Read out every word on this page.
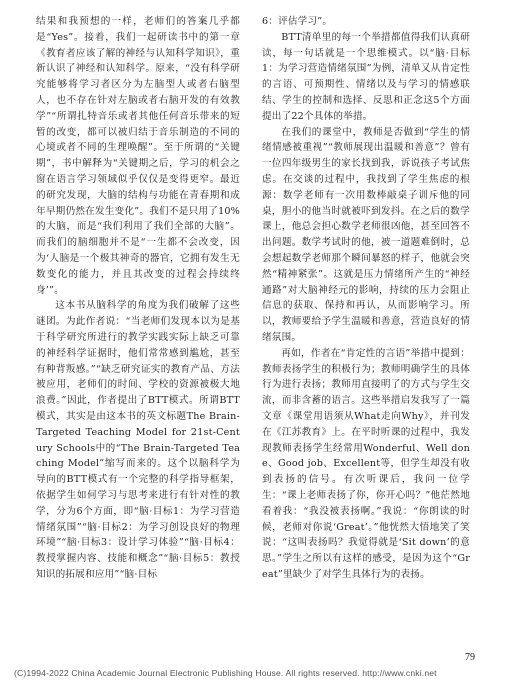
结果和我预想的一样，老师们的答案几乎都是“Yes”。接着，我们一起研读书中的第一章《教育者应该了解的神经与认知科学知识》，重新认识了神经和认知科学。原来，“没有科学研究能够将学习者区分为左脑型人或者右脑型人，也不存在针对左脑或者右脑开发的有效教学”“所谓扎特音乐或者其他任何音乐带来的短暂的改变，都可以被归结于音乐制造的不同的心境或者不同的生理唤醒”。至于所谓的“关键期”，书中解释为“关键期之后，学习的机会之窗在语言学习领域似乎仅仅是变得更窄。最近的研究发现，大脑的结构与功能在青春期和成年早期仍然在发生变化”。我们不是只用了10%的大脑，而是“我们利用了我们全部的大脑”。而我们的脑细胞并不是“一生都不会改变，因为‘人脑是一个极其神奇的器官，它拥有发生无数变化的能力，并且其改变的过程会持续终身’”。

这本书从脑科学的角度为我们破解了这些谜团。为此作者说：“当老师们发现本以为是基于科学研究所进行的教学实践实际上缺乏可靠的神经科学证据时，他们常常感到尴尬，甚至有种背叛感。”“缺乏研究证实的教育产品、方法被应用，老师们的时间、学校的资源被极大地浪费。”因此，作者提出了BTT模式。所谓BTT模式，其实是由这本书的英文标题The Brain-Targeted Teaching Model for 21st-Century Schools中的“The Brain-Targeted Teaching Model”缩写而来的。这个以脑科学为导向的BTT模式有一个完整的科学指导框架，依据学生如何学习与思考来进行有针对性的教学，分为6个方面，即“脑·目标1：为学习营造情绪氛围”“脑·目标2：为学习创设良好的物理环境”“脑·目标3：设计学习体验”“脑·目标4：教授掌握内容、技能和概念”“脑·目标5：教授知识的拓展和应用”“脑·目标

6：评估学习”。

BTT清单里的每一个举措都值得我们认真研读，每一句话就是一个思维模式。以“脑·目标1：为学习营造情绪氛围”为例，清单又从肯定性的言语、可预期性、情绪以及与学习的情感联结、学生的控制和选择、反思和正念这5个方面提出了22个具体的举措。

在我们的课堂中，教师是否做到“学生的情绪情感被重视”“教师展现出温暖和善意”？曾有一位四年级男生的家长找到我，诉说孩子考试焦虑。在交谈的过程中，我找到了学生焦虑的根源：数学老师有一次用数棒敲桌子训斥他的同桌，胆小的他当时就被吓到发抖。在之后的数学课上，他总会担心数学老师很凶他，甚至回答不出问题。数学考试时的他，被一道题难倒时，总会想起数学老师那个瞬间暴怒的样子，他就会突然“精神紧张”。这就是压力情绪所产生的“神经通路”对大脑神经元的影响，持续的压力会阻止信息的获取、保持和再认，从而影响学习。所以，教师要给予学生温暖和善意，营造良好的情绪氛围。

再如，作者在“肯定性的言语”举措中提到：教师表扬学生的积极行为；教师明确学生的具体行为进行表扬；教师用直接明了的方式与学生交流，而非含蓄的语言。这些举措启发我写了一篇文章《课堂用语须从What走向Why》，并刊发在《江苏教育》上。在平时听课的过程中，我发现教师表扬学生经常用Wonderful、Well done、Good job、Excellent等，但学生却没有收到表扬的信号。有次听课后，我问一位学生：“课上老师表扬了你，你开心吗？”他茫然地看着我：“我没被表扬啊。”我说：“你朗读的时候，老师对你说‘Great’。”他恍然大悟地笑了笑说：“这叫表扬吗？我觉得就是‘Sit down’的意思。”学生之所以有这样的感受，是因为这个“Great”里缺少了对学生具体行为的表扬。

79
(C)1994-2022 China Academic Journal Electronic Publishing House. All rights reserved. http://www.cnki.net
